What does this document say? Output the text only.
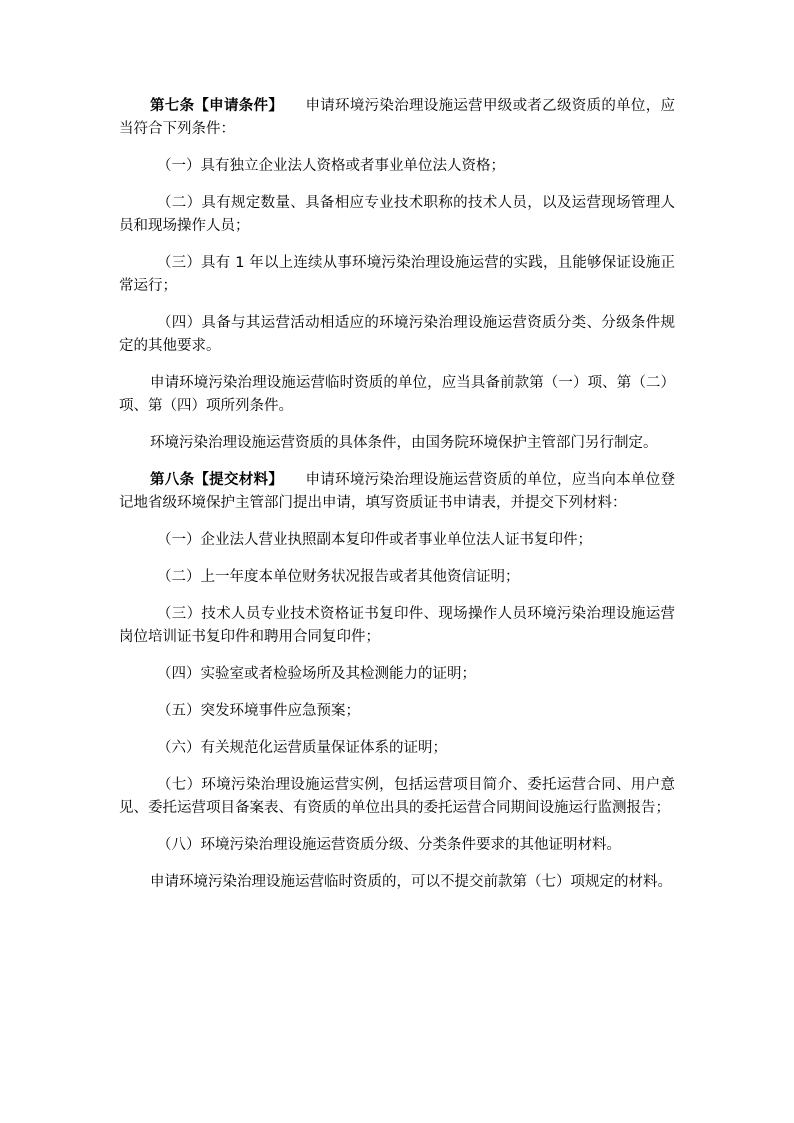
第七条【申请条件】 申请环境污染治理设施运营甲级或者乙级资质的单位，应当符合下列条件：

（一）具有独立企业法人资格或者事业单位法人资格；

（二）具有规定数量、具备相应专业技术职称的技术人员，以及运营现场管理人员和现场操作人员；

（三）具有 1 年以上连续从事环境污染治理设施运营的实践，且能够保证设施正常运行；

（四）具备与其运营活动相适应的环境污染治理设施运营资质分类、分级条件规定的其他要求。

申请环境污染治理设施运营临时资质的单位，应当具备前款第（一）项、第（二）项、第（四）项所列条件。

环境污染治理设施运营资质的具体条件，由国务院环境保护主管部门另行制定。

第八条【提交材料】 申请环境污染治理设施运营资质的单位，应当向本单位登记地省级环境保护主管部门提出申请，填写资质证书申请表，并提交下列材料：

（一）企业法人营业执照副本复印件或者事业单位法人证书复印件；

（二）上一年度本单位财务状况报告或者其他资信证明；

（三）技术人员专业技术资格证书复印件、现场操作人员环境污染治理设施运营岗位培训证书复印件和聘用合同复印件；

（四）实验室或者检验场所及其检测能力的证明；

（五）突发环境事件应急预案；

（六）有关规范化运营质量保证体系的证明；

（七）环境污染治理设施运营实例，包括运营项目简介、委托运营合同、用户意见、委托运营项目备案表、有资质的单位出具的委托运营合同期间设施运行监测报告；

（八）环境污染治理设施运营资质分级、分类条件要求的其他证明材料。

申请环境污染治理设施运营临时资质的，可以不提交前款第（七）项规定的材料。
